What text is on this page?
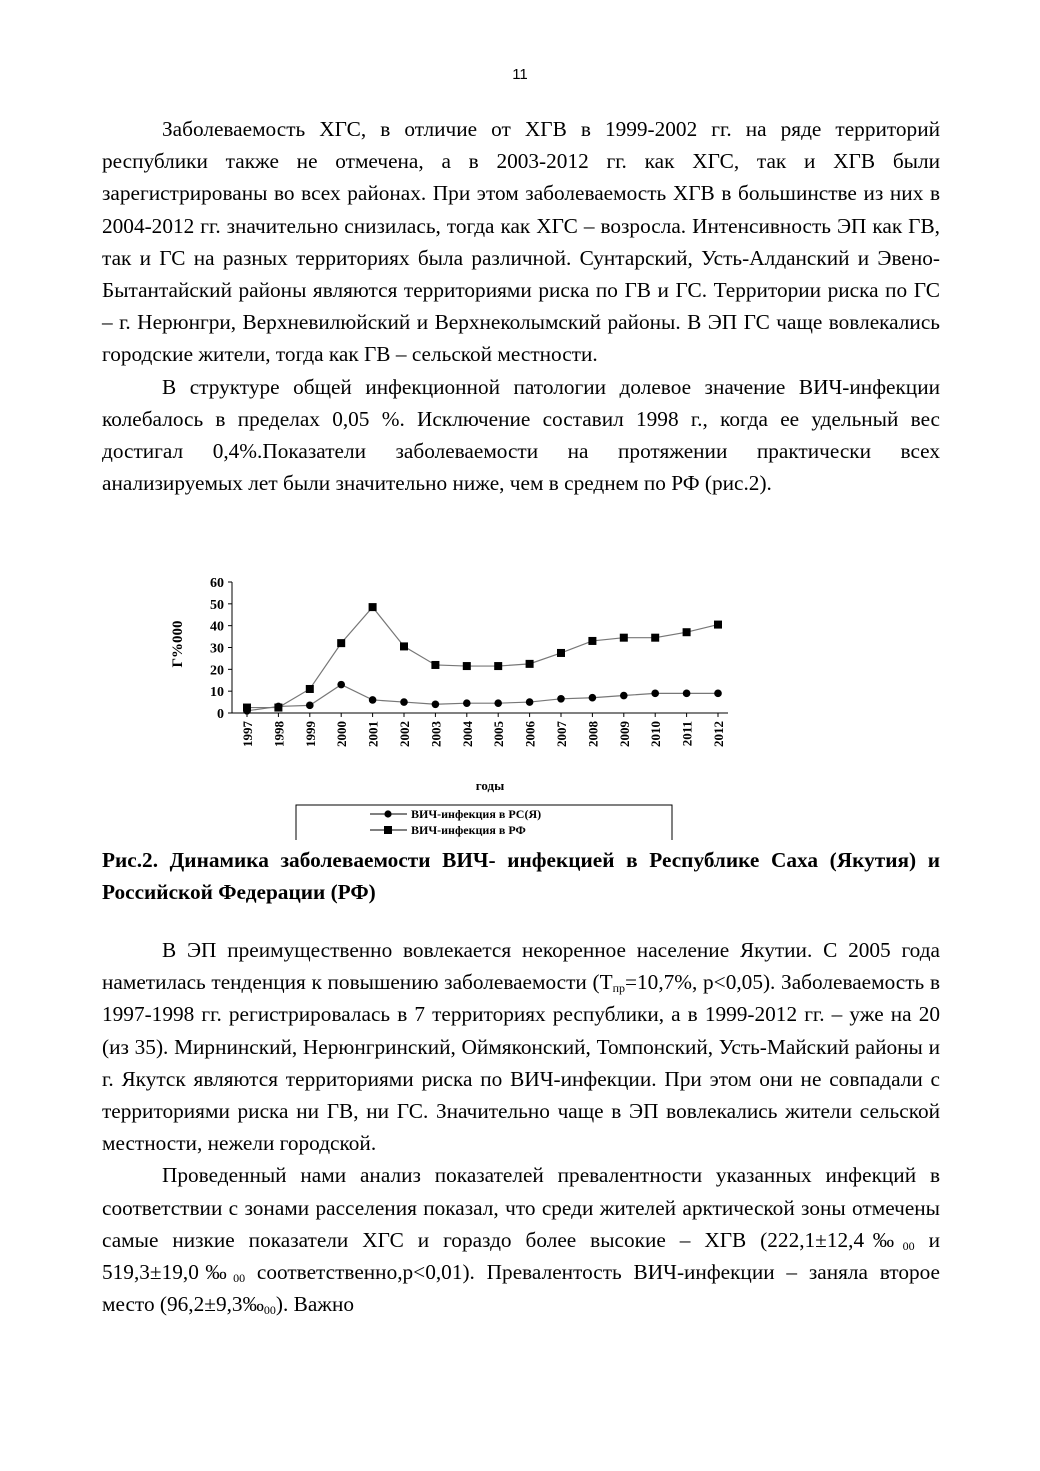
11

Заболеваемость ХГС, в отличие от ХГВ в 1999-2002 гг. на ряде территорий республики также не отмечена, а в 2003-2012 гг. как ХГС, так и ХГВ были зарегистрированы во всех районах. При этом заболеваемость ХГВ в большинстве из них в 2004-2012 гг. значительно снизилась, тогда как ХГС – возросла. Интенсивность ЭП как ГВ, так и ГС на разных территориях была различной. Сунтарский, Усть-Алданский и Эвено-Бытантайский районы являются территориями риска по ГВ и ГС. Территории риска по ГС – г. Нерюнгри, Верхневилюйский и Верхнеколымский районы. В ЭП ГС чаще вовлекались городские жители, тогда как ГВ – сельской местности.

В структуре общей инфекционной патологии долевое значение ВИЧ-инфекции колебалось в пределах 0,05 %. Исключение составил 1998 г., когда ее удельный вес достигал 0,4%.Показатели заболеваемости на протяжении практически всех анализируемых лет были значительно ниже, чем в среднем по РФ (рис.2).

0
10
20
30
40
50
60
1997 1998 1999 2000 2001 2002 2003 2004 2005 2006 2007 2008 2009 2010 2011 2012
Г%000
годы
ВИЧ-инфекция в РС(Я)
ВИЧ-инфекция в РФ
Рис.2. Динамика заболеваемости ВИЧ- инфекцией в Республике Саха (Якутия) и Российской Федерации (РФ)

В ЭП преимущественно вовлекается некоренное население Якутии. С 2005 года наметилась тенденция к повышению заболеваемости ($Т_{пр}=10,7\%$, p<0,05). Заболеваемость в 1997-1998 гг. регистрировалась в 7 территориях республики, а в 1999-2012 гг. – уже на 20 (из 35). Мирнинский, Нерюнгринский, Оймяконский, Томпонский, Усть-Майский районы и г. Якутск являются территориями риска по ВИЧ-инфекции. При этом они не совпадали с территориями риска ни ГВ, ни ГС. Значительно чаще в ЭП вовлекались жители сельской местности, нежели городской.

Проведенный нами анализ показателей превалентности указанных инфекций в соответствии с зонами расселения показал, что среди жителей арктической зоны отмечены самые низкие показатели ХГС и гораздо более высокие – ХГВ ($222,1\pm 12,4‰_{00}$ и $519,3\pm 19,0‰_{00}$ соответственно,p<0,01). Превалентость ВИЧ-инфекции – заняла второе место $(96,2\pm 9,3‰_{00})$. Важно
